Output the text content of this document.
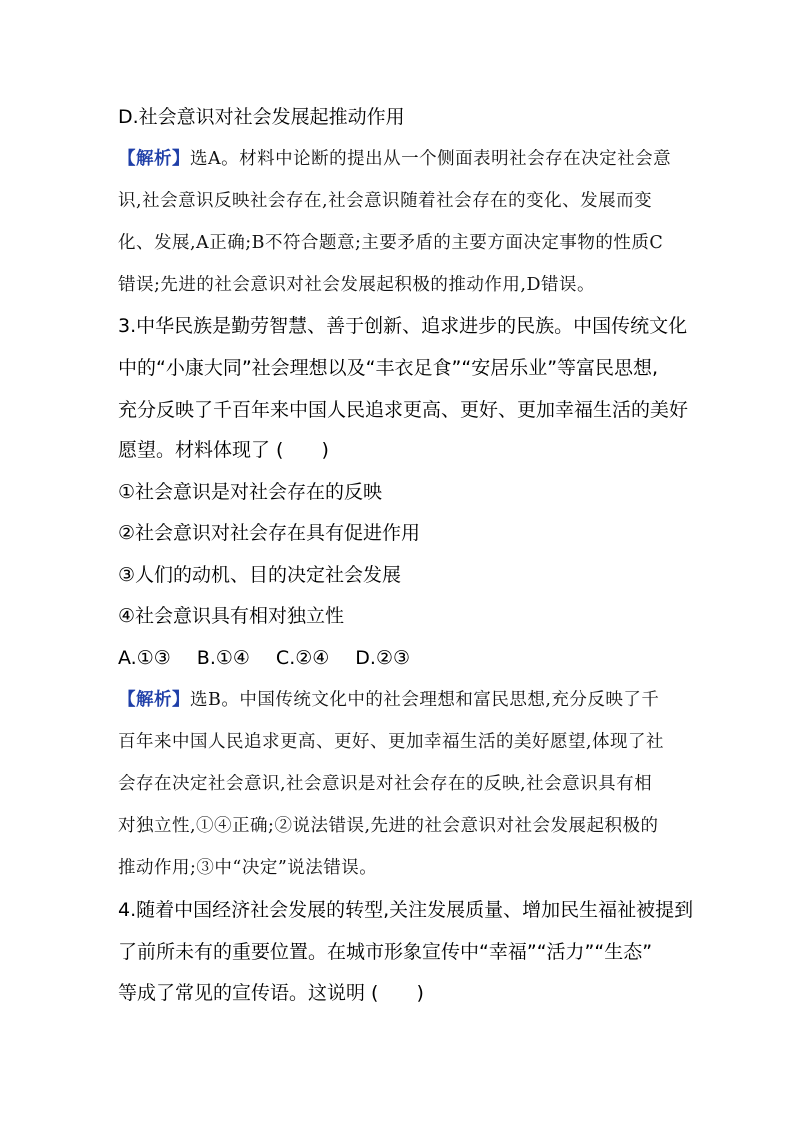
D.社会意识对社会发展起推动作用
【解析】选A。材料中论断的提出从一个侧面表明社会存在决定社会意
识,社会意识反映社会存在,社会意识随着社会存在的变化、发展而变
化、发展,A正确;B不符合题意;主要矛盾的主要方面决定事物的性质C
错误;先进的社会意识对社会发展起积极的推动作用,D错误。
3.中华民族是勤劳智慧、善于创新、追求进步的民族。中国传统文化
中的“小康大同”社会理想以及“丰衣足食”“安居乐业”等富民思想,
充分反映了千百年来中国人民追求更高、更好、更加幸福生活的美好
愿望。材料体现了 (　　)
①社会意识是对社会存在的反映
②社会意识对社会存在具有促进作用
③人们的动机、目的决定社会发展
④社会意识具有相对独立性
A.①③ B.①④ C.②④ D.②③
【解析】选B。中国传统文化中的社会理想和富民思想,充分反映了千
百年来中国人民追求更高、更好、更加幸福生活的美好愿望,体现了社
会存在决定社会意识,社会意识是对社会存在的反映,社会意识具有相
对独立性,①④正确;②说法错误,先进的社会意识对社会发展起积极的
推动作用;③中“决定”说法错误。
4.随着中国经济社会发展的转型,关注发展质量、增加民生福祉被提到
了前所未有的重要位置。在城市形象宣传中“幸福”“活力”“生态”
等成了常见的宣传语。这说明 (　　)
